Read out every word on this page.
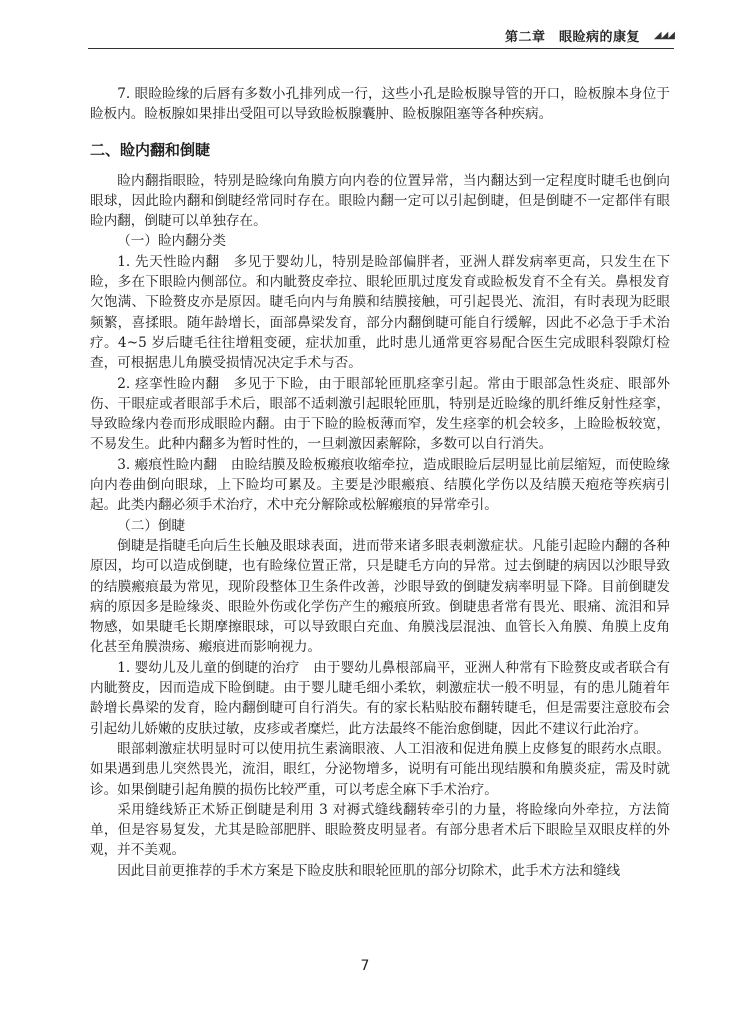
第二章　眼睑病的康复 ◢◢◢

7. 眼睑睑缘的后唇有多数小孔排列成一行，这些小孔是睑板腺导管的开口，睑板腺本身位于睑板内。睑板腺如果排出受阻可以导致睑板腺囊肿、睑板腺阻塞等各种疾病。

二、睑内翻和倒睫

睑内翻指眼睑，特别是睑缘向角膜方向内卷的位置异常，当内翻达到一定程度时睫毛也倒向眼球，因此睑内翻和倒睫经常同时存在。眼睑内翻一定可以引起倒睫，但是倒睫不一定都伴有眼睑内翻，倒睫可以单独存在。

（一）睑内翻分类

1. 先天性睑内翻　多见于婴幼儿，特别是睑部偏胖者，亚洲人群发病率更高，只发生在下睑，多在下眼睑内侧部位。和内眦赘皮牵拉、眼轮匝肌过度发育或睑板发育不全有关。鼻根发育欠饱满、下睑赘皮亦是原因。睫毛向内与角膜和结膜接触，可引起畏光、流泪，有时表现为眨眼频繁，喜揉眼。随年龄增长，面部鼻梁发育，部分内翻倒睫可能自行缓解，因此不必急于手术治疗。4~5 岁后睫毛往往增粗变硬，症状加重，此时患儿通常更容易配合医生完成眼科裂隙灯检查，可根据患儿角膜受损情况决定手术与否。

2. 痉挛性睑内翻　多见于下睑，由于眼部轮匝肌痉挛引起。常由于眼部急性炎症、眼部外伤、干眼症或者眼部手术后，眼部不适刺激引起眼轮匝肌，特别是近睑缘的肌纤维反射性痉挛，导致睑缘内卷而形成眼睑内翻。由于下睑的睑板薄而窄，发生痉挛的机会较多，上睑睑板较宽，不易发生。此种内翻多为暂时性的，一旦刺激因素解除，多数可以自行消失。

3. 瘢痕性睑内翻　由睑结膜及睑板瘢痕收缩牵拉，造成眼睑后层明显比前层缩短，而使睑缘向内卷曲倒向眼球，上下睑均可累及。主要是沙眼瘢痕、结膜化学伤以及结膜天疱疮等疾病引起。此类内翻必须手术治疗，术中充分解除或松解瘢痕的异常牵引。

（二）倒睫

倒睫是指睫毛向后生长触及眼球表面，进而带来诸多眼表刺激症状。凡能引起睑内翻的各种原因，均可以造成倒睫，也有睑缘位置正常，只是睫毛方向的异常。过去倒睫的病因以沙眼导致的结膜瘢痕最为常见，现阶段整体卫生条件改善，沙眼导致的倒睫发病率明显下降。目前倒睫发病的原因多是睑缘炎、眼睑外伤或化学伤产生的瘢痕所致。倒睫患者常有畏光、眼痛、流泪和异物感，如果睫毛长期摩擦眼球，可以导致眼白充血、角膜浅层混浊、血管长入角膜、角膜上皮角化甚至角膜溃疡、瘢痕进而影响视力。

1. 婴幼儿及儿童的倒睫的治疗　由于婴幼儿鼻根部扁平，亚洲人种常有下睑赘皮或者联合有内眦赘皮，因而造成下睑倒睫。由于婴儿睫毛细小柔软，刺激症状一般不明显，有的患儿随着年龄增长鼻梁的发育，睑内翻倒睫可自行消失。有的家长粘贴胶布翻转睫毛，但是需要注意胶布会引起幼儿娇嫩的皮肤过敏，皮疹或者糜烂，此方法最终不能治愈倒睫，因此不建议行此治疗。

眼部刺激症状明显时可以使用抗生素滴眼液、人工泪液和促进角膜上皮修复的眼药水点眼。如果遇到患儿突然畏光，流泪，眼红，分泌物增多，说明有可能出现结膜和角膜炎症，需及时就诊。如果倒睫引起角膜的损伤比较严重，可以考虑全麻下手术治疗。

采用缝线矫正术矫正倒睫是利用 3 对褥式缝线翻转牵引的力量，将睑缘向外牵拉，方法简单，但是容易复发，尤其是睑部肥胖、眼睑赘皮明显者。有部分患者术后下眼睑呈双眼皮样的外观，并不美观。

因此目前更推荐的手术方案是下睑皮肤和眼轮匝肌的部分切除术，此手术方法和缝线

7
